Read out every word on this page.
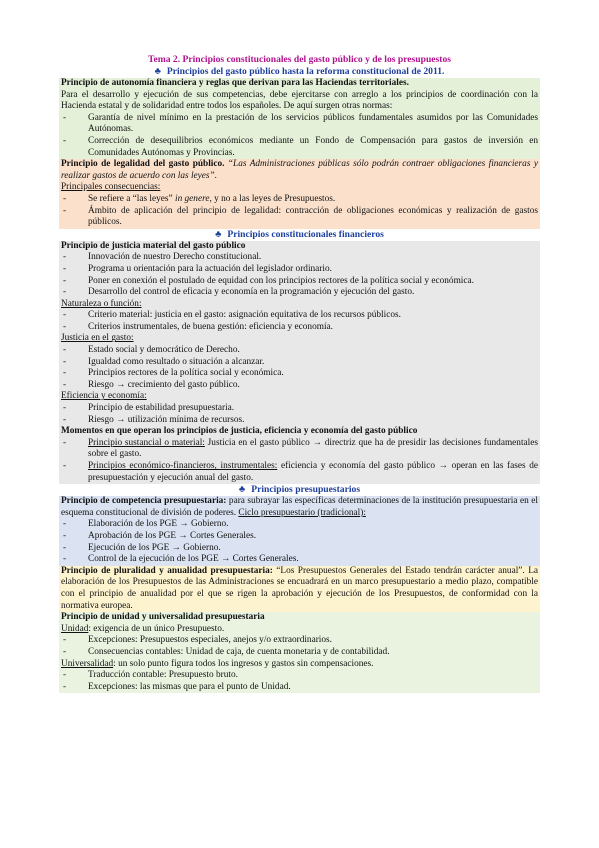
Tema 2. Principios constitucionales del gasto público y de los presupuestos
♣ Principios del gasto público hasta la reforma constitucional de 2011.
Principio de autonomía financiera y reglas que derivan para las Haciendas territoriales.
Para el desarrollo y ejecución de sus competencias, debe ejercitarse con arreglo a los principios de coordinación con la Hacienda estatal y de solidaridad entre todos los españoles. De aquí surgen otras normas:
- Garantía de nivel mínimo en la prestación de los servicios públicos fundamentales asumidos por las Comunidades Autónomas.
- Corrección de desequilibrios económicos mediante un Fondo de Compensación para gastos de inversión en Comunidades Autónomas y Provincias.
Principio de legalidad del gasto público. “Las Administraciones públicas sólo podrán contraer obligaciones financieras y realizar gastos de acuerdo con las leyes”.
Principales consecuencias:
- Se refiere a “las leyes” in genere, y no a las leyes de Presupuestos.
- Ámbito de aplicación del principio de legalidad: contracción de obligaciones económicas y realización de gastos públicos.
♣ Principios constitucionales financieros
Principio de justicia material del gasto público
- Innovación de nuestro Derecho constitucional.
- Programa u orientación para la actuación del legislador ordinario.
- Poner en conexión el postulado de equidad con los principios rectores de la política social y económica.
- Desarrollo del control de eficacia y economía en la programación y ejecución del gasto.
Naturaleza o función:
- Criterio material: justicia en el gasto: asignación equitativa de los recursos públicos.
- Criterios instrumentales, de buena gestión: eficiencia y economía.
Justicia en el gasto:
- Estado social y democrático de Derecho.
- Igualdad como resultado o situación a alcanzar.
- Principios rectores de la política social y económica.
- Riesgo → crecimiento del gasto público.
Eficiencia y economía:
- Principio de estabilidad presupuestaria.
- Riesgo → utilización mínima de recursos.
Momentos en que operan los principios de justicia, eficiencia y economía del gasto público
- Principio sustancial o material: Justicia en el gasto público → directriz que ha de presidir las decisiones fundamentales sobre el gasto.
- Principios económico-financieros, instrumentales: eficiencia y economía del gasto público → operan en las fases de presupuestación y ejecución anual del gasto.
♣ Principios presupuestarios
Principio de competencia presupuestaria: para subrayar las específicas determinaciones de la institución presupuestaria en el esquema constitucional de división de poderes. Ciclo presupuestario (tradicional):
- Elaboración de los PGE → Gobierno.
- Aprobación de los PGE → Cortes Generales.
- Ejecución de los PGE → Gobierno.
- Control de la ejecución de los PGE → Cortes Generales.
Principio de pluralidad y anualidad presupuestaria: “Los Presupuestos Generales del Estado tendrán carácter anual”. La elaboración de los Presupuestos de las Administraciones se encuadrará en un marco presupuestario a medio plazo, compatible con el principio de anualidad por el que se rigen la aprobación y ejecución de los Presupuestos, de conformidad con la normativa europea.
Principio de unidad y universalidad presupuestaria
Unidad: exigencia de un único Presupuesto.
- Excepciones: Presupuestos especiales, anejos y/o extraordinarios.
- Consecuencias contables: Unidad de caja, de cuenta monetaria y de contabilidad.
Universalidad: un solo punto figura todos los ingresos y gastos sin compensaciones.
- Traducción contable: Presupuesto bruto.
- Excepciones: las mismas que para el punto de Unidad.
